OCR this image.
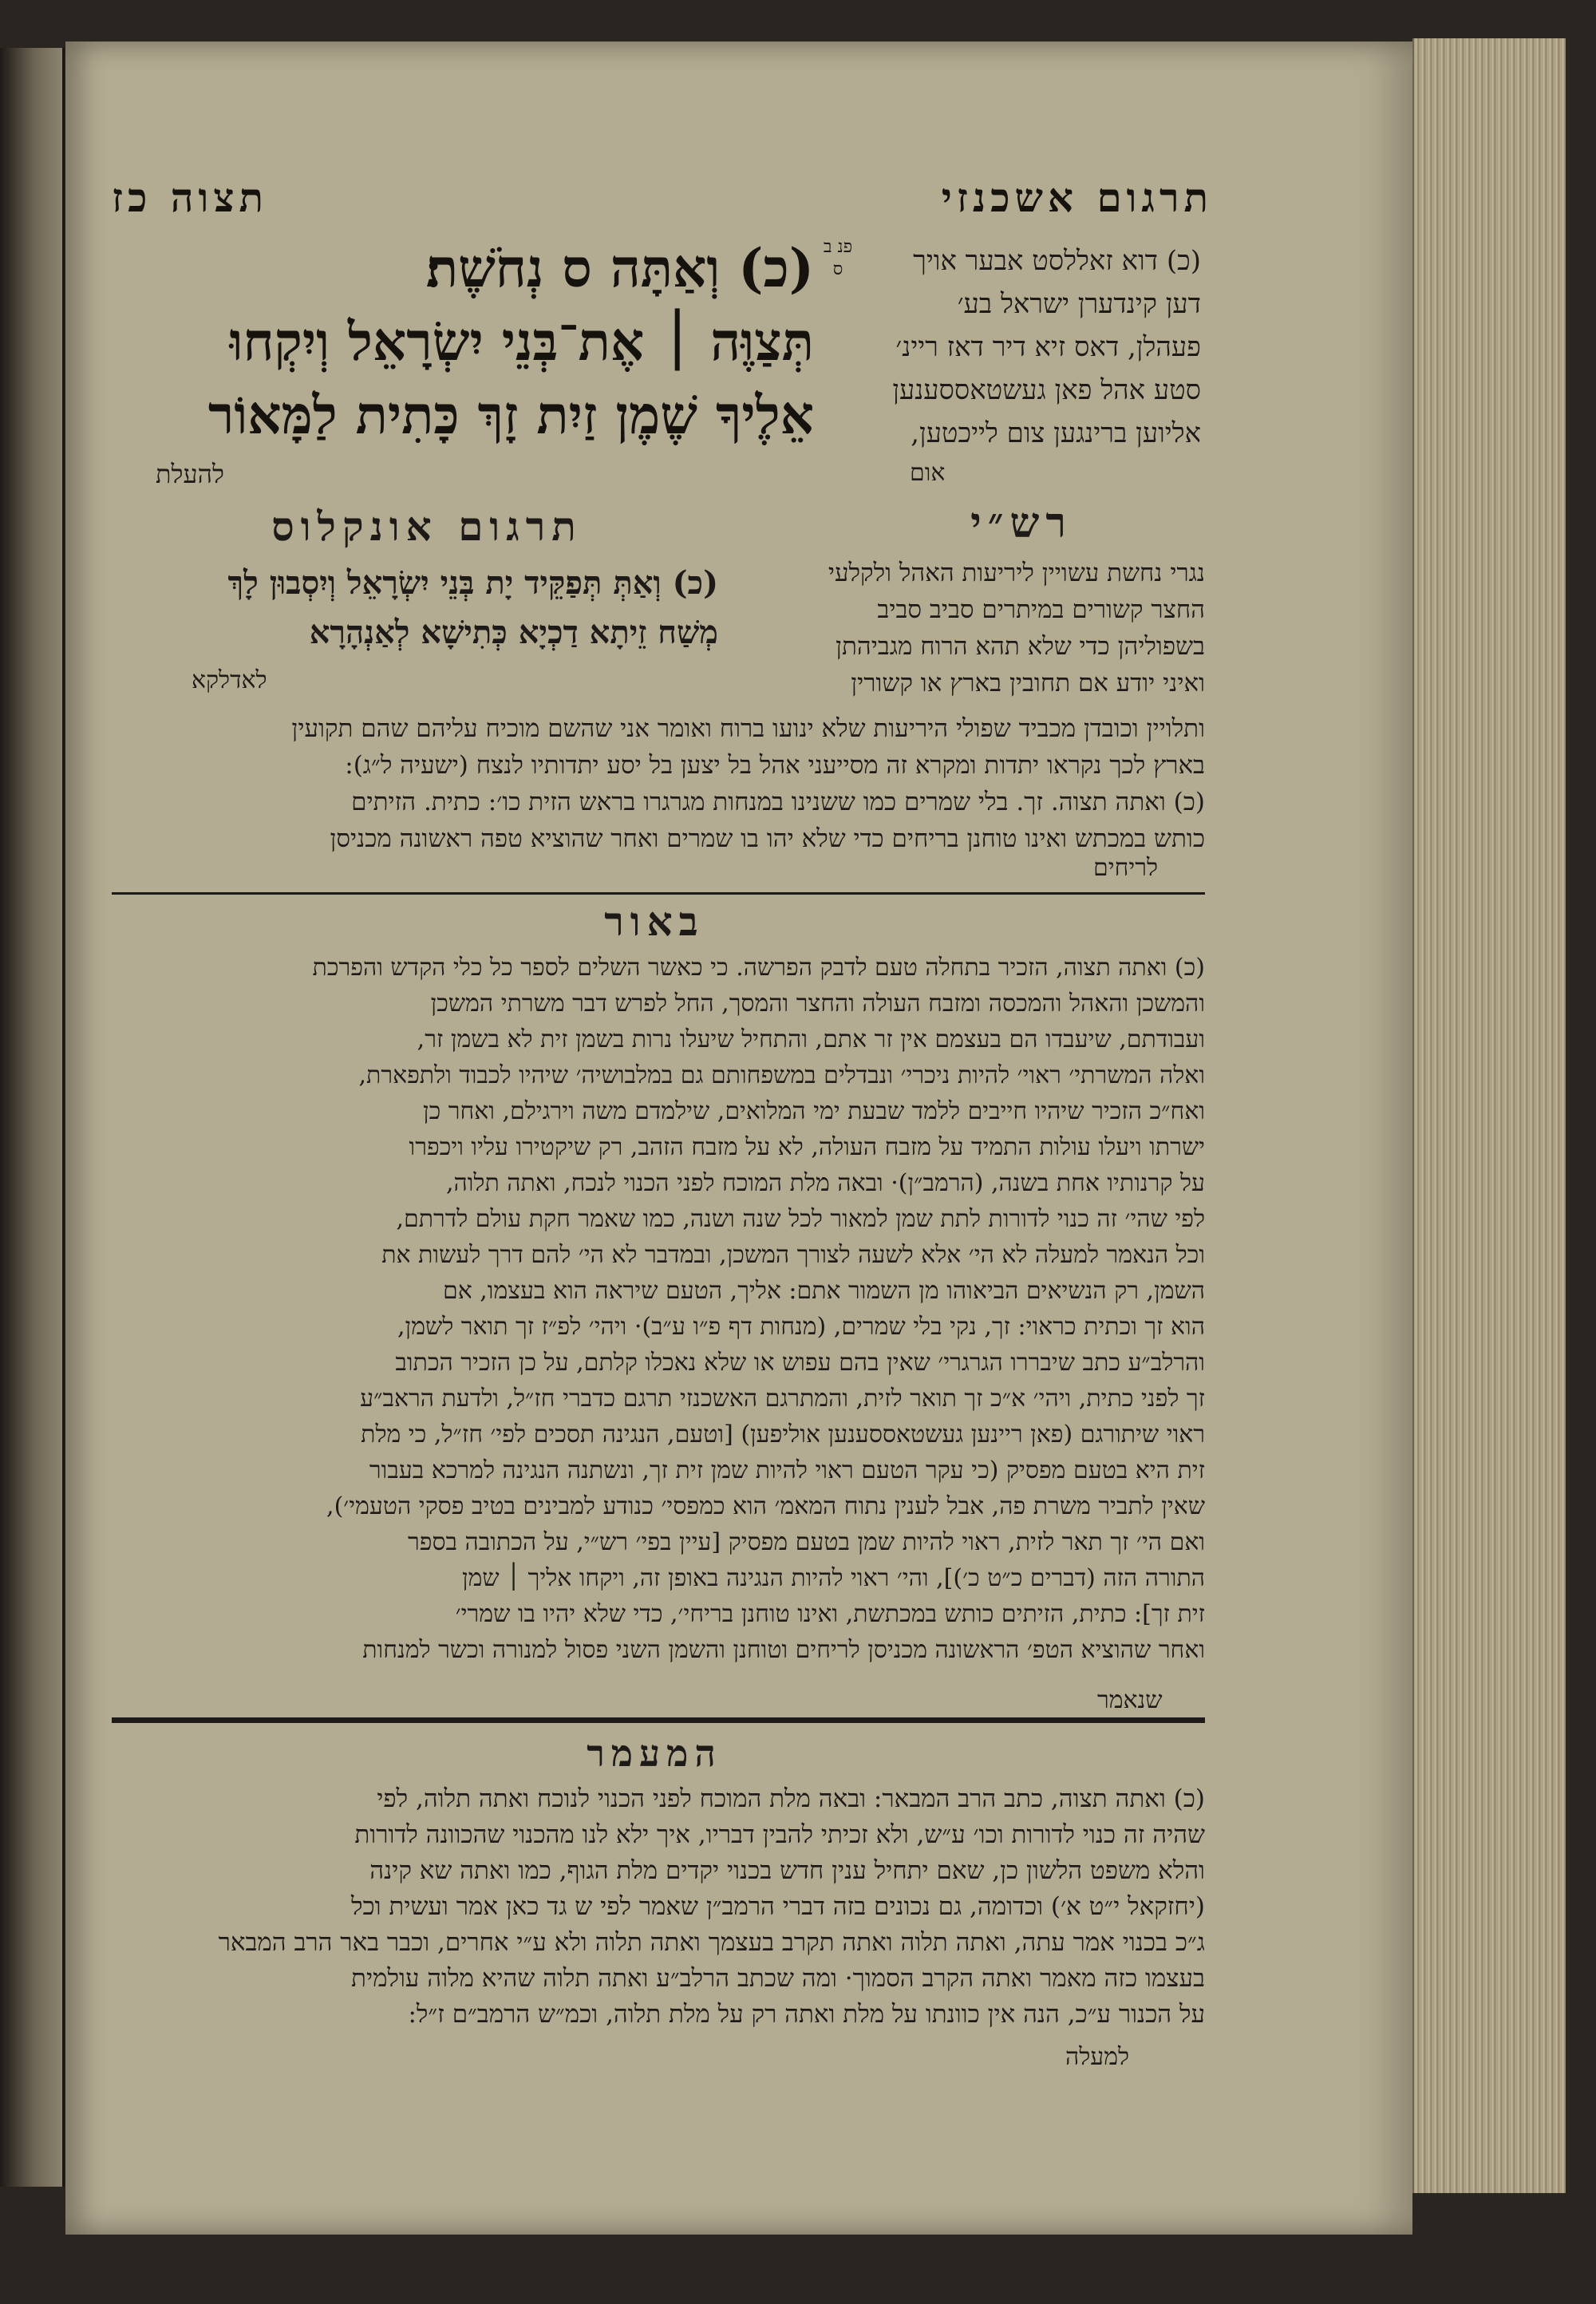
תרגום אשכנזי
תצוה כז
(כ) דוא זאללסט אבער אויך
דען קינדערן ישראל בע׳
פעהלן, דאס זיא דיר דאז ריינ׳
סטע אהל פאן געשטאססענען
אליוען ברינגען צום לייכטען,
אום
פנ ב ס
(כ) וְאַתָּה ס נְחֹשֶׁת׃
תְּצַוֶּה ׀ אֶת־בְּנֵי יִשְׂרָאֵל וְיִקְחוּ
אֵלֶיךָ שֶׁמֶן זַיִת זָךְ כָּתִית לַמָּאוֹר
להעלת
רש״י
תרגום אונקלוס
נגרי נחשת עשויין ליריעות האהל ולקלעי
החצר קשורים במיתרים סביב סביב
בשפוליהן כדי שלא תהא הרוח מגביהתן
ואיני יודע אם תחובין בארץ או קשורין
(כ) וְאַתְּ תְּפַקֵּיד יָת בְּנֵי יִשְׂרָאֵל וְיִסְבוּן לָךְ
מְשַׁח זֵיתָא דַכְיָא כְּתִישָׁא לְאַנְהָרָא
לאדלקא
ותלויין וכובדן מכביד שפולי היריעות שלא ינועו ברוח ואומר אני שהשם מוכיח עליהם שהם תקועין
בארץ לכך נקראו יתדות ומקרא זה מסייעני אהל בל יצען בל יסע יתדותיו לנצח (ישעיה ל״ג):
(כ) ואתה תצוה. זך. בלי שמרים כמו ששנינו במנחות מגרגרו בראש הזית כו׳: כתית. הזיתים
כותש במכתש ואינו טוחנן בריחים כדי שלא יהו בו שמרים ואחר שהוציא טפה ראשונה מכניסן
לריחים
באור
(כ) ואתה תצוה, הזכיר בתחלה טעם לדבק הפרשה. כי כאשר השלים לספר כל כלי הקדש והפרכת
והמשכן והאהל והמכסה ומזבח העולה והחצר והמסך, החל לפרש דבר משרתי המשכן
ועבודתם, שיעבדו הם בעצמם אין זר אתם, והתחיל שיעלו נרות בשמן זית לא בשמן זר,
ואלה המשרתי׳ ראוי׳ להיות ניכרי׳ ונבדלים במשפחותם גם במלבושיה׳ שיהיו לכבוד ולתפארת,
ואח״כ הזכיר שיהיו חייבים ללמד שבעת ימי המלואים, שילמדם משה וירגילם, ואחר כן
ישרתו ויעלו עולות התמיד על מזבח העולה, לא על מזבח הזהב, רק שיקטירו עליו ויכפרו
על קרנותיו אחת בשנה, (הרמב״ן)· ובאה מלת המוכח לפני הכנוי לנכח, ואתה תלוה,
לפי שהי׳ זה כנוי לדורות לתת שמן למאור לכל שנה ושנה, כמו שאמר חקת עולם לדרתם,
וכל הנאמר למעלה לא הי׳ אלא לשעה לצורך המשכן, ובמדבר לא הי׳ להם דרך לעשות את
השמן, רק הנשיאים הביאוהו מן השמור אתם: אליך, הטעם שיראה הוא בעצמו, אם
הוא זך וכתית כראוי: זך, נקי בלי שמרים, (מנחות דף פ״ו ע״ב)· ויהי׳ לפ״ז זך תואר לשמן,
והרלב״ע כתב שיבררו הגרגרי׳ שאין בהם עפוש או שלא נאכלו קלתם, על כן הזכיר הכתוב
זך לפני כתית, ויהי׳ א״כ זך תואר לזית, והמתרגם האשכנזי תרגם כדברי חז״ל, ולדעת הראב״ע
ראוי שיתורגם (פאן ריינען געשטאססענען אוליפען) [וטעם, הנגינה תסכים לפי׳ חז״ל, כי מלת
זית היא בטעם מפסיק (כי עקר הטעם ראוי להיות שמן זית זך, ונשתנה הנגינה למרכא בעבור
שאין לתביר משרת פה, אבל לענין נתוח המאמ׳ הוא כמפסי׳ כנודע למבינים בטיב פסקי הטעמי׳),
ואם הי׳ זך תאר לזית, ראוי להיות שמן בטעם מפסיק [עיין בפי׳ רש״י, על הכתובה בספר
התורה הזה (דברים כ״ט כ׳)], והי׳ ראוי להיות הנגינה באופן זה, ויקחו אליך ׀ שמן
זית זך]: כתית, הזיתים כותש במכתשת, ואינו טוחנן בריחי׳, כדי שלא יהיו בו שמרי׳
ואחר שהוציא הטפ׳ הראשונה מכניסן לריחים וטוחנן והשמן השני פסול למנורה וכשר למנחות
שנאמר
המעמר
(כ) ואתה תצוה, כתב הרב המבאר: ובאה מלת המוכח לפני הכנוי לנוכח ואתה תלוה, לפי
שהיה זה כנוי לדורות וכו׳ ע״ש, ולא זכיתי להבין דבריו, איך ילא לנו מהכנוי שהכוונה לדורות
והלא משפט הלשון כן, שאם יתחיל ענין חדש בכנוי יקדים מלת הגוף, כמו ואתה שא קינה
(יחזקאל י״ט א׳) וכדומה, גם נכונים בזה דברי הרמב״ן שאמר לפי ש גד כאן אמר ועשית וכל
ג״כ בכנוי אמר עתה, ואתה תלוה ואתה תקרב בעצמך ואתה תלוה ולא ע״י אחרים, וכבר באר הרב המבאר
בעצמו כזה מאמר ואתה הקרב הסמוך· ומה שכתב הרלב״ע ואתה תלוה שהיא מלוה עולמית
על הכנור ע״כ, הנה אין כוונתו על מלת ואתה רק על מלת תלוה, וכמ״ש הרמב״ם ז״ל:
למעלה
